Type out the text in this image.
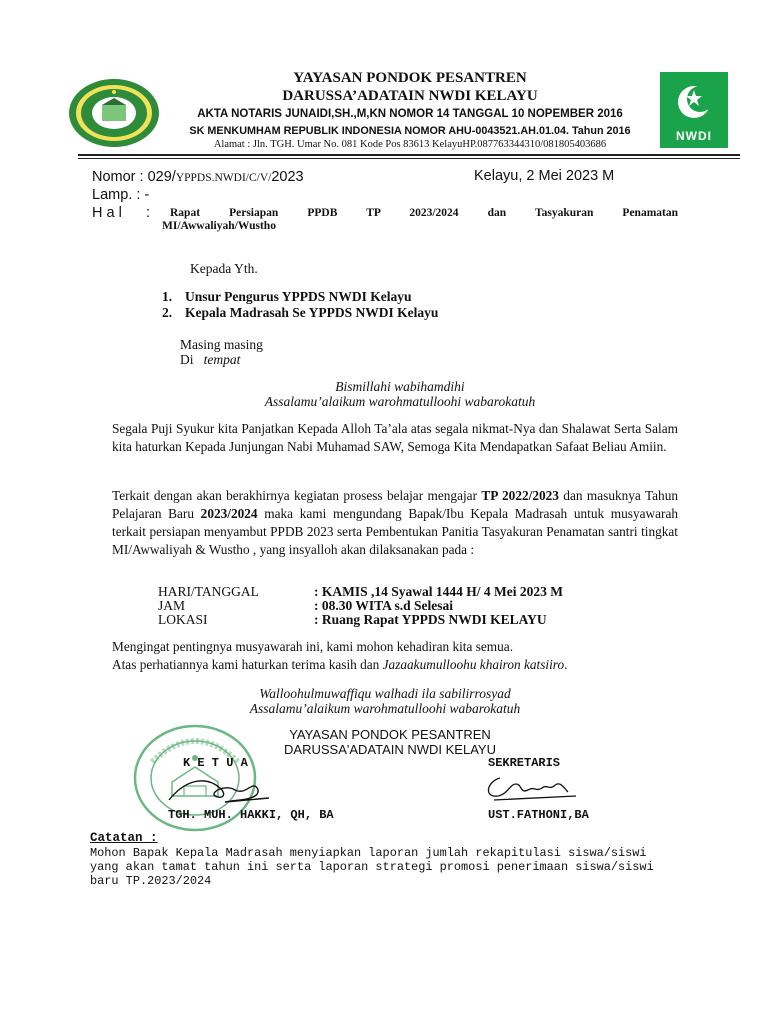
YAYASAN PONDOK PESANTREN
DARUSSA’ADATAIN NWDI KELAYU
AKTA NOTARIS JUNAIDI,SH.,M,KN NOMOR 14 TANGGAL 10 NOPEMBER 2016
SK MENKUMHAM REPUBLIK INDONESIA NOMOR AHU-0043521.AH.01.04. Tahun 2016
Alamat : Jln. TGH. Umar No. 081 Kode Pos 83613 KelayuHP.087763344310/081805403686
NWDI
Nomor : 029/YPPDS.NWDI/C/V/2023	Kelayu, 2 Mei 2023 M
Lamp. : -
H a l : Rapat Persiapan PPDB TP 2023/2024 dan Tasyakuran Penamatan
MI/Awwaliyah/Wustho
Kepada Yth.
1. Unsur Pengurus YPPDS NWDI Kelayu
2. Kepala Madrasah Se YPPDS NWDI Kelayu
Masing masing
Di tempat
Bismillahi wabihamdihi
Assalamu’alaikum warohmatulloohi wabarokatuh
Segala Puji Syukur kita Panjatkan Kepada Alloh Ta’ala atas segala nikmat-Nya dan Shalawat Serta Salam kita haturkan Kepada Junjungan Nabi Muhamad SAW, Semoga Kita Mendapatkan Safaat Beliau Amiin.
Terkait dengan akan berakhirnya kegiatan prosess belajar mengajar TP 2022/2023 dan masuknya Tahun Pelajaran Baru 2023/2024 maka kami mengundang Bapak/Ibu Kepala Madrasah untuk musyawarah terkait persiapan menyambut PPDB 2023 serta Pembentukan Panitia Tasyakuran Penamatan santri tingkat MI/Awwaliyah & Wustho , yang insyalloh akan dilaksanakan pada :
HARI/TANGGAL	: KAMIS ,14 Syawal 1444 H/ 4 Mei 2023 M
JAM	: 08.30 WITA s.d Selesai
LOKASI	: Ruang Rapat YPPDS NWDI KELAYU
Mengingat pentingnya musyawarah ini, kami mohon kehadiran kita semua.
Atas perhatiannya kami haturkan terima kasih dan Jazaakumulloohu khairon katsiiro.
Walloohulmuwaffiqu walhadi ila sabilirrosyad
Assalamu’alaikum warohmatulloohi wabarokatuh
YAYASAN PONDOK PESANTREN
DARUSSA'ADATAIN NWDI KELAYU
K E T U A	SEKRETARIS
TGH. MUH. HAKKI, QH, BA	UST.FATHONI,BA
Catatan :
Mohon Bapak Kepala Madrasah menyiapkan laporan jumlah rekapitulasi siswa/siswi
yang akan tamat tahun ini serta laporan strategi promosi penerimaan siswa/siswi
baru TP.2023/2024
